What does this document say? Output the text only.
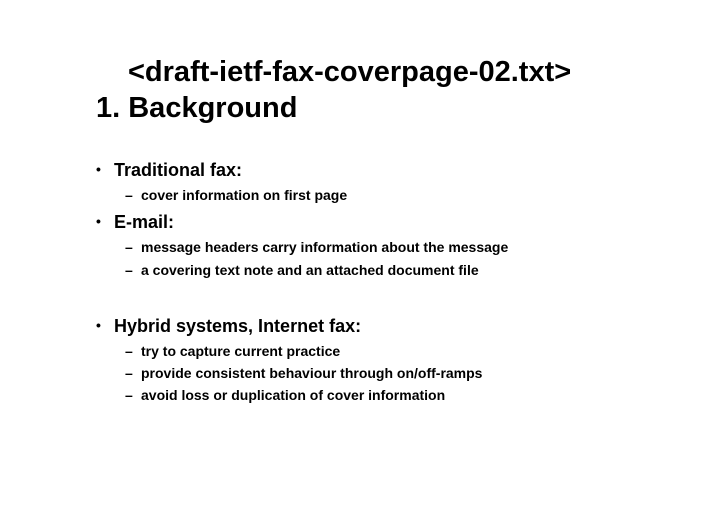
<draft-ietf-fax-coverpage-02.txt>
1. Background
• Traditional fax:
– cover information on first page
• E-mail:
– message headers carry information about the message
– a covering text note and an attached document file
• Hybrid systems, Internet fax:
– try to capture current practice
– provide consistent behaviour through on/off-ramps
– avoid loss or duplication of cover information
